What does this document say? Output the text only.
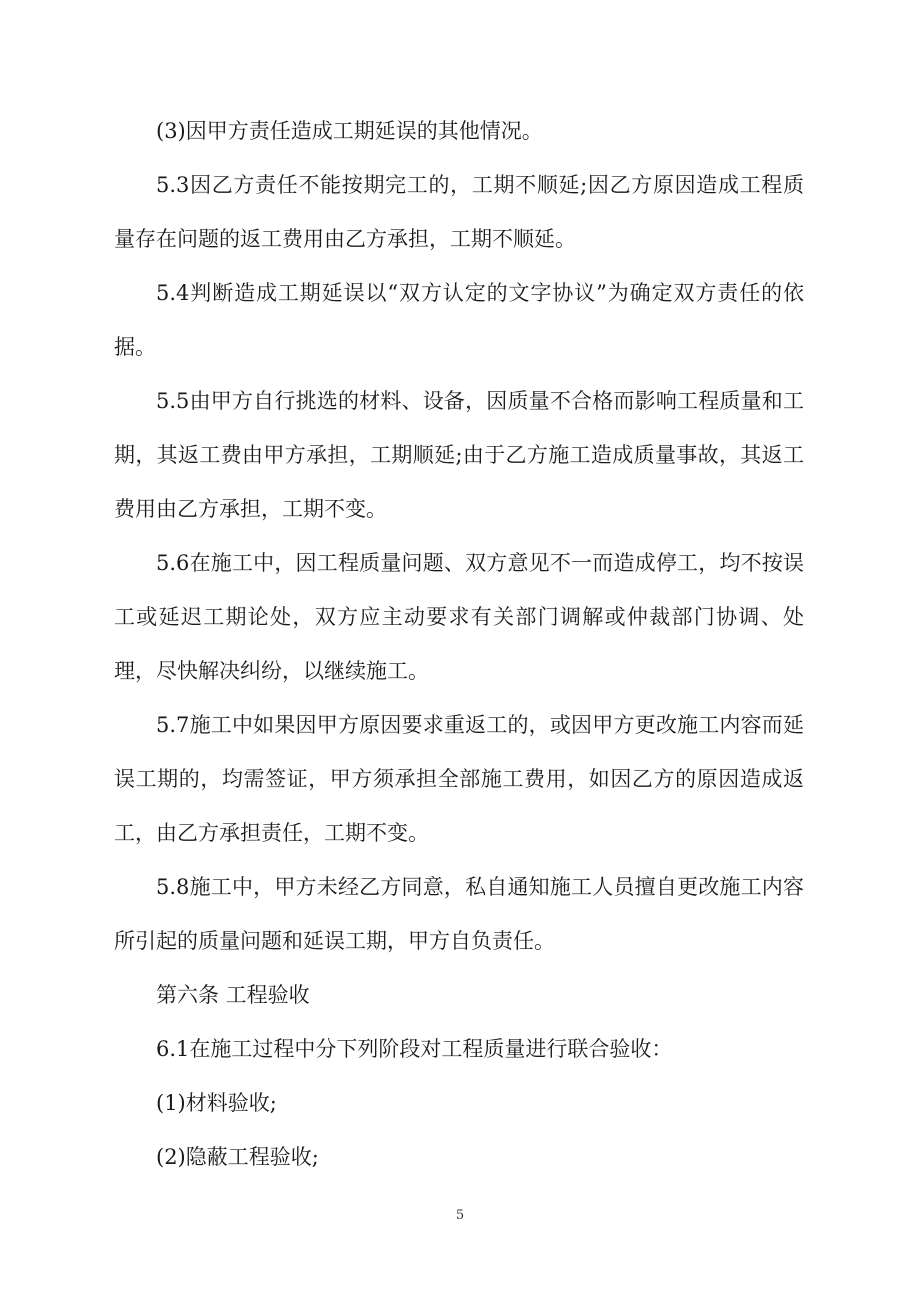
(3)因甲方责任造成工期延误的其他情况。

5.3因乙方责任不能按期完工的，工期不顺延;因乙方原因造成工程质量存在问题的返工费用由乙方承担，工期不顺延。

5.4判断造成工期延误以“双方认定的文字协议”为确定双方责任的依据。

5.5由甲方自行挑选的材料、设备，因质量不合格而影响工程质量和工期，其返工费由甲方承担，工期顺延;由于乙方施工造成质量事故，其返工费用由乙方承担，工期不变。

5.6在施工中，因工程质量问题、双方意见不一而造成停工，均不按误工或延迟工期论处，双方应主动要求有关部门调解或仲裁部门协调、处理，尽快解决纠纷，以继续施工。

5.7施工中如果因甲方原因要求重返工的，或因甲方更改施工内容而延误工期的，均需签证，甲方须承担全部施工费用，如因乙方的原因造成返工，由乙方承担责任，工期不变。

5.8施工中，甲方未经乙方同意，私自通知施工人员擅自更改施工内容所引起的质量问题和延误工期，甲方自负责任。

第六条 工程验收

6.1在施工过程中分下列阶段对工程质量进行联合验收：

(1)材料验收;

(2)隐蔽工程验收;

5
